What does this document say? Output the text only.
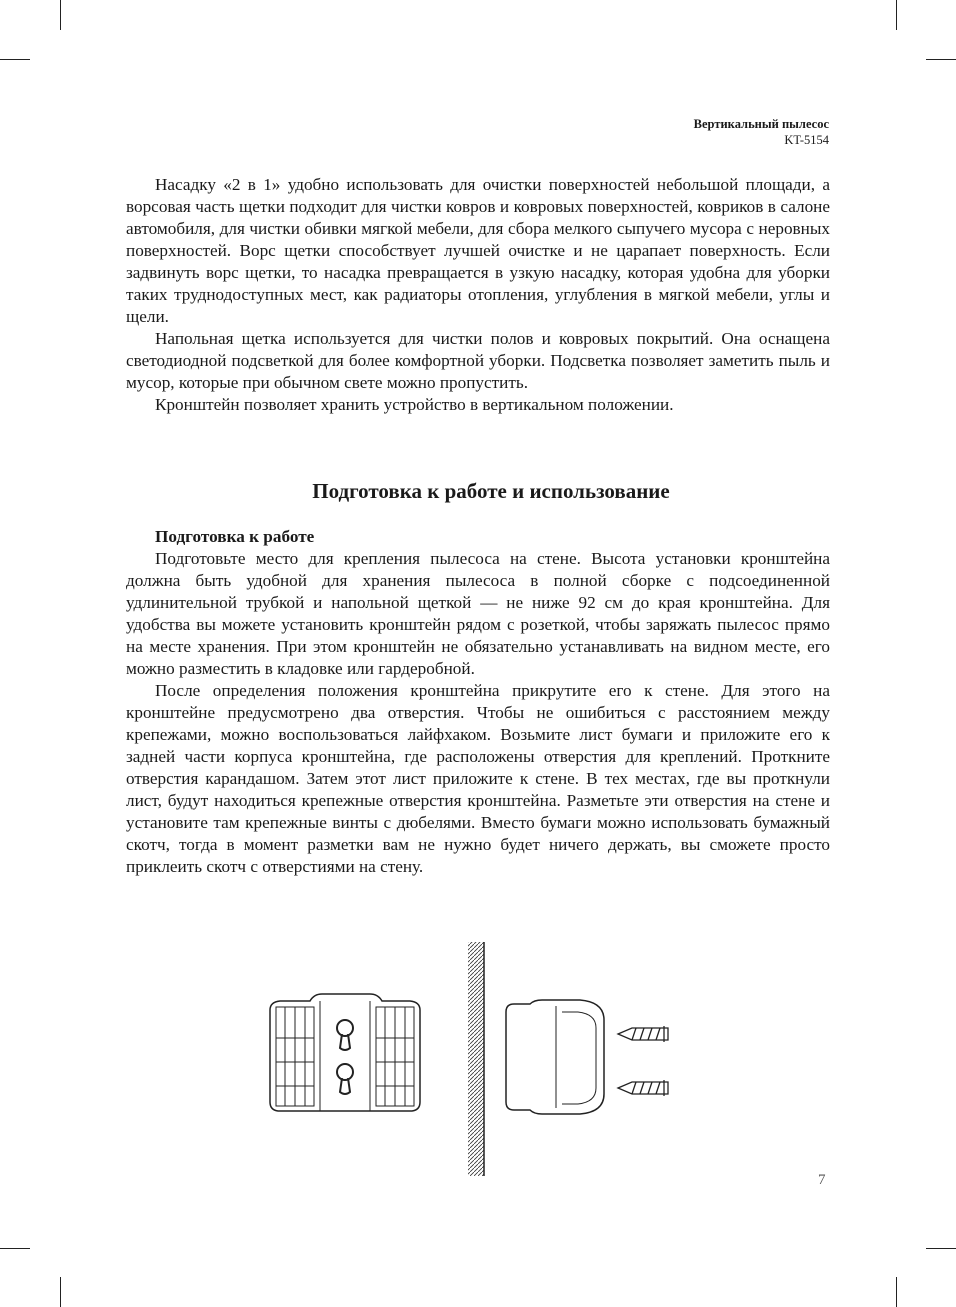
Вертикальный пылесос
KT-5154

Насадку «2 в 1» удобно использовать для очистки поверхностей небольшой площади, а ворсовая часть щетки подходит для чистки ковров и ковровых поверхностей, ковриков в салоне автомобиля, для чистки обивки мягкой мебели, для сбора мелкого сыпучего мусора с неровных поверхностей. Ворс щетки способствует лучшей очистке и не царапает поверхность. Если задвинуть ворс щетки, то насадка превращается в узкую насадку, которая удобна для уборки таких труднодоступных мест, как радиаторы отопления, углубления в мягкой мебели, углы и щели.

Напольная щетка используется для чистки полов и ковровых покрытий. Она оснащена светодиодной подсветкой для более комфортной уборки. Подсветка позволяет заметить пыль и мусор, которые при обычном свете можно пропустить.

Кронштейн позволяет хранить устройство в вертикальном положении.

Подготовка к работе и использование

Подготовка к работе

Подготовьте место для крепления пылесоса на стене. Высота установки кронштейна должна быть удобной для хранения пылесоса в полной сборке с подсоединенной удлинительной трубкой и напольной щеткой — не ниже 92 см до края кронштейна. Для удобства вы можете установить кронштейн рядом с розеткой, чтобы заряжать пылесос прямо на месте хранения. При этом кронштейн не обязательно устанавливать на видном месте, его можно разместить в кладовке или гардеробной.

После определения положения кронштейна прикрутите его к стене. Для этого на кронштейне предусмотрено два отверстия. Чтобы не ошибиться с расстоянием между крепежами, можно воспользоваться лайфхаком. Возьмите лист бумаги и приложите его к задней части корпуса кронштейна, где расположены отверстия для креплений. Проткните отверстия карандашом. Затем этот лист приложите к стене. В тех местах, где вы проткнули лист, будут находиться крепежные отверстия кронштейна. Разметьте эти отверстия на стене и установите там крепежные винты с дюбелями. Вместо бумаги можно использовать бумажный скотч, тогда в момент разметки вам не нужно будет ничего держать, вы сможете просто приклеить скотч с отверстиями на стену.

7
